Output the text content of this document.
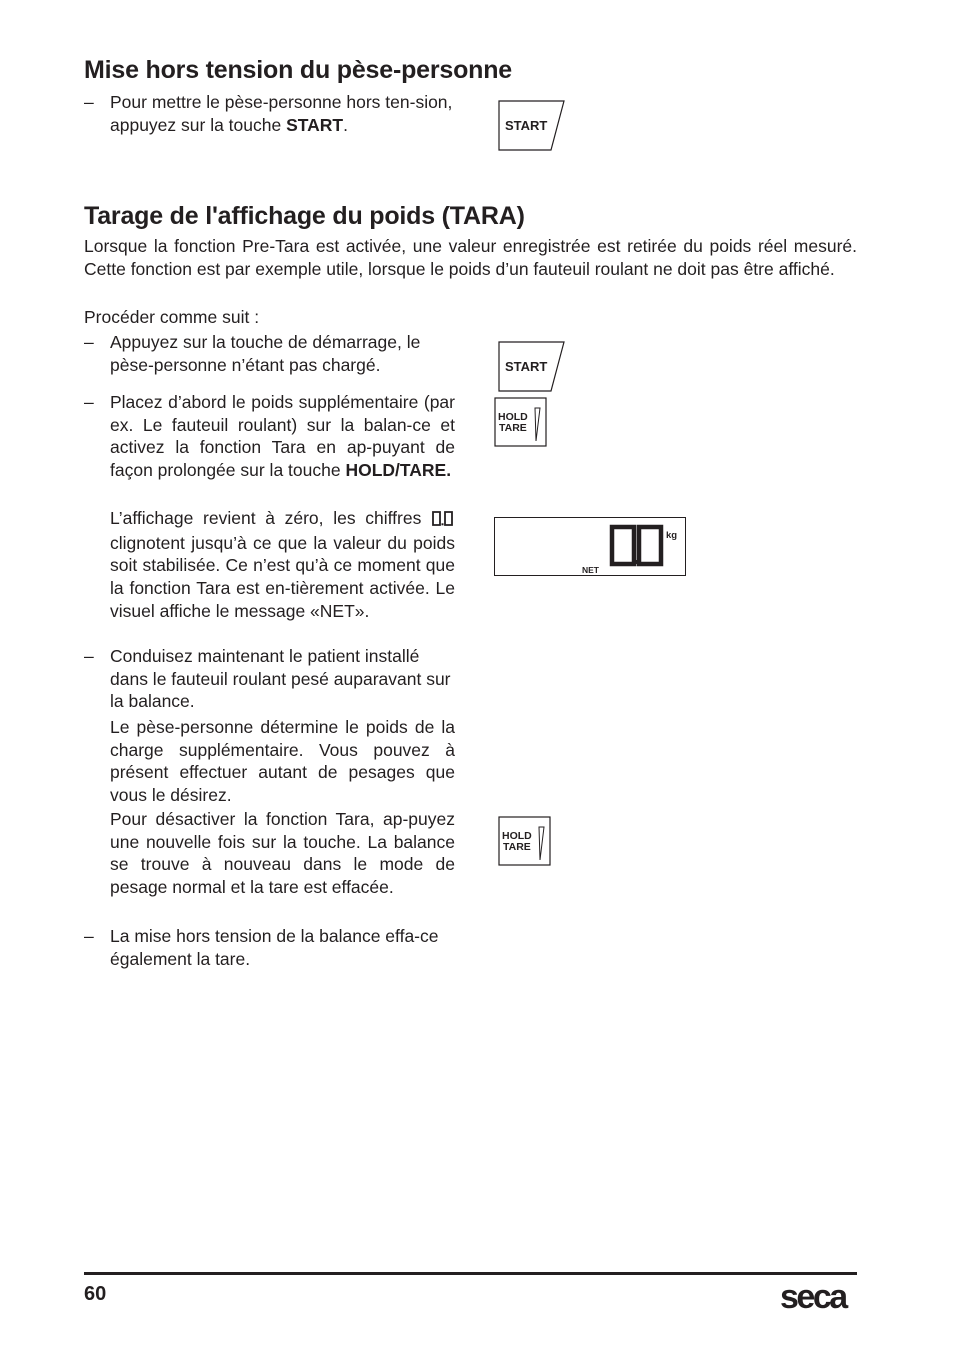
Mise hors tension du pèse-personne
– Pour mettre le pèse-personne hors ten-sion, appuyez sur la touche START.	START
Tarage de l'affichage du poids (TARA)

Lorsque la fonction Pre-Tara est activée, une valeur enregistrée est retirée du poids réel mesuré. Cette fonction est par exemple utile, lorsque le poids d’un fauteuil roulant ne doit pas être affiché.

Procéder comme suit :

– Appuyez sur la touche de démarrage, le pèse-personne n’étant pas chargé.
– Placez d’abord le poids supplémentaire (par ex. Le fauteuil roulant) sur la balan-ce et activez la fonction Tara en ap-puyant de façon prolongée sur la touche HOLD/TARE.

L’affichage revient à zéro, les chiffres  clignotent jusqu’à ce que la valeur du poids soit stabilisée. Ce n’est qu’à ce moment que la fonction Tara est en-tièrement activée. Le visuel affiche le message «NET».

– Conduisez maintenant le patient installé dans le fauteuil roulant pesé auparavant sur la balance.

Le pèse-personne détermine le poids de la charge supplémentaire. Vous pouvez à présent effectuer autant de pesages que vous le désirez.

Pour désactiver la fonction Tara, ap-puyez une nouvelle fois sur la touche. La balance se trouve à nouveau dans le mode de pesage normal et la tare est effacée.

– La mise hors tension de la balance effa-ce également la tare.
START
HOLD
TARE
kg
NET
HOLD
TARE
60	seca
